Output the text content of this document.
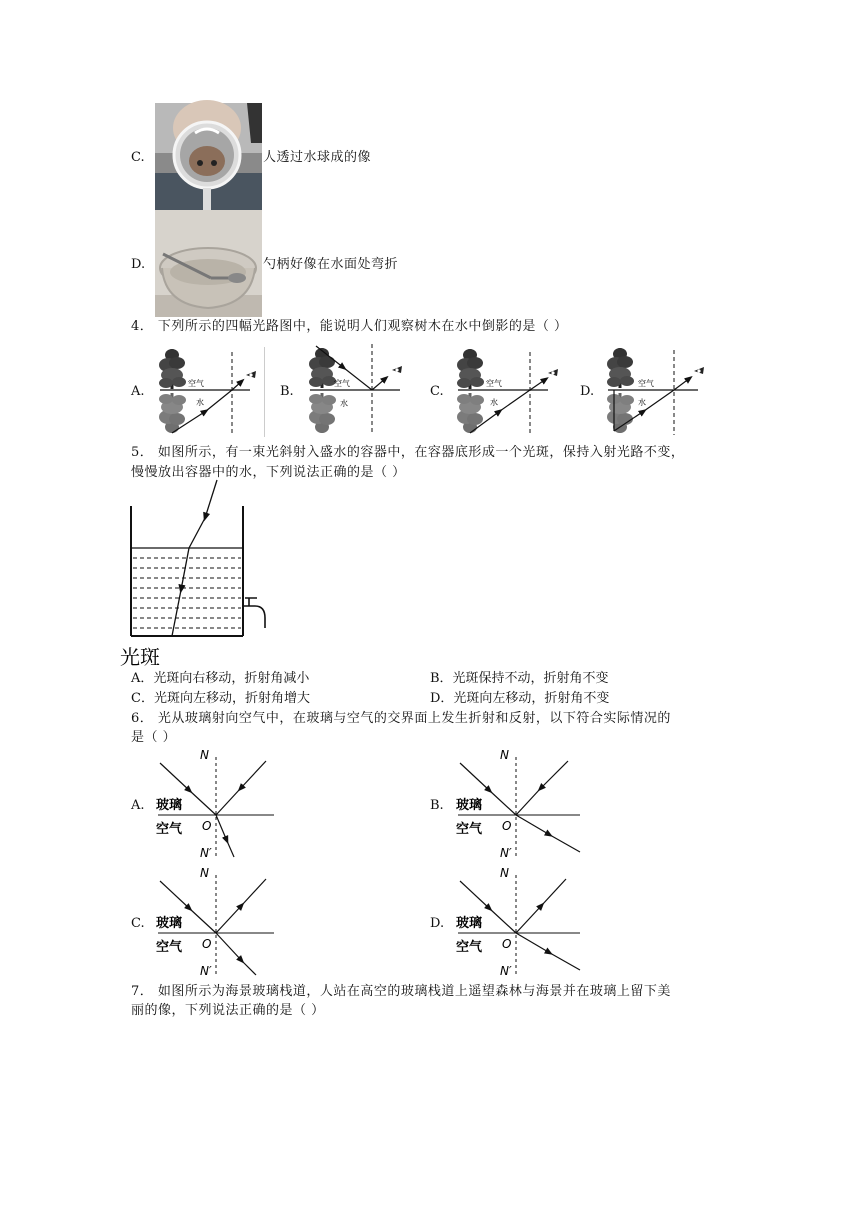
C.	人透过水球成的像
D.	勺柄好像在水面处弯折
4． 下列所示的四幅光路图中，能说明人们观察树木在水中倒影的是（ ）
A.
空气
水
B.
空气
水
C.
空气
水
D.
空气
水
5． 如图所示，有一束光斜射入盛水的容器中，在容器底形成一个光斑，保持入射光路不变，
慢慢放出容器中的水，下列说法正确的是（ ）
光斑
A．光斑向右移动，折射角减小	B．光斑保持不动，折射角不变
C．光斑向左移动，折射角增大	D．光斑向左移动，折射角不变
6． 光从玻璃射向空气中，在玻璃与空气的交界面上发生折射和反射，以下符合实际情况的
是（ ）
A.
N
玻璃
空气 O
N′
B.
N
玻璃
空气 O
N′
C.
N
玻璃
空气 O
N′
D.
N
玻璃
空气 O
N′
7． 如图所示为海景玻璃栈道，人站在高空的玻璃栈道上遥望森林与海景并在玻璃上留下美
丽的像，下列说法正确的是（ ）
